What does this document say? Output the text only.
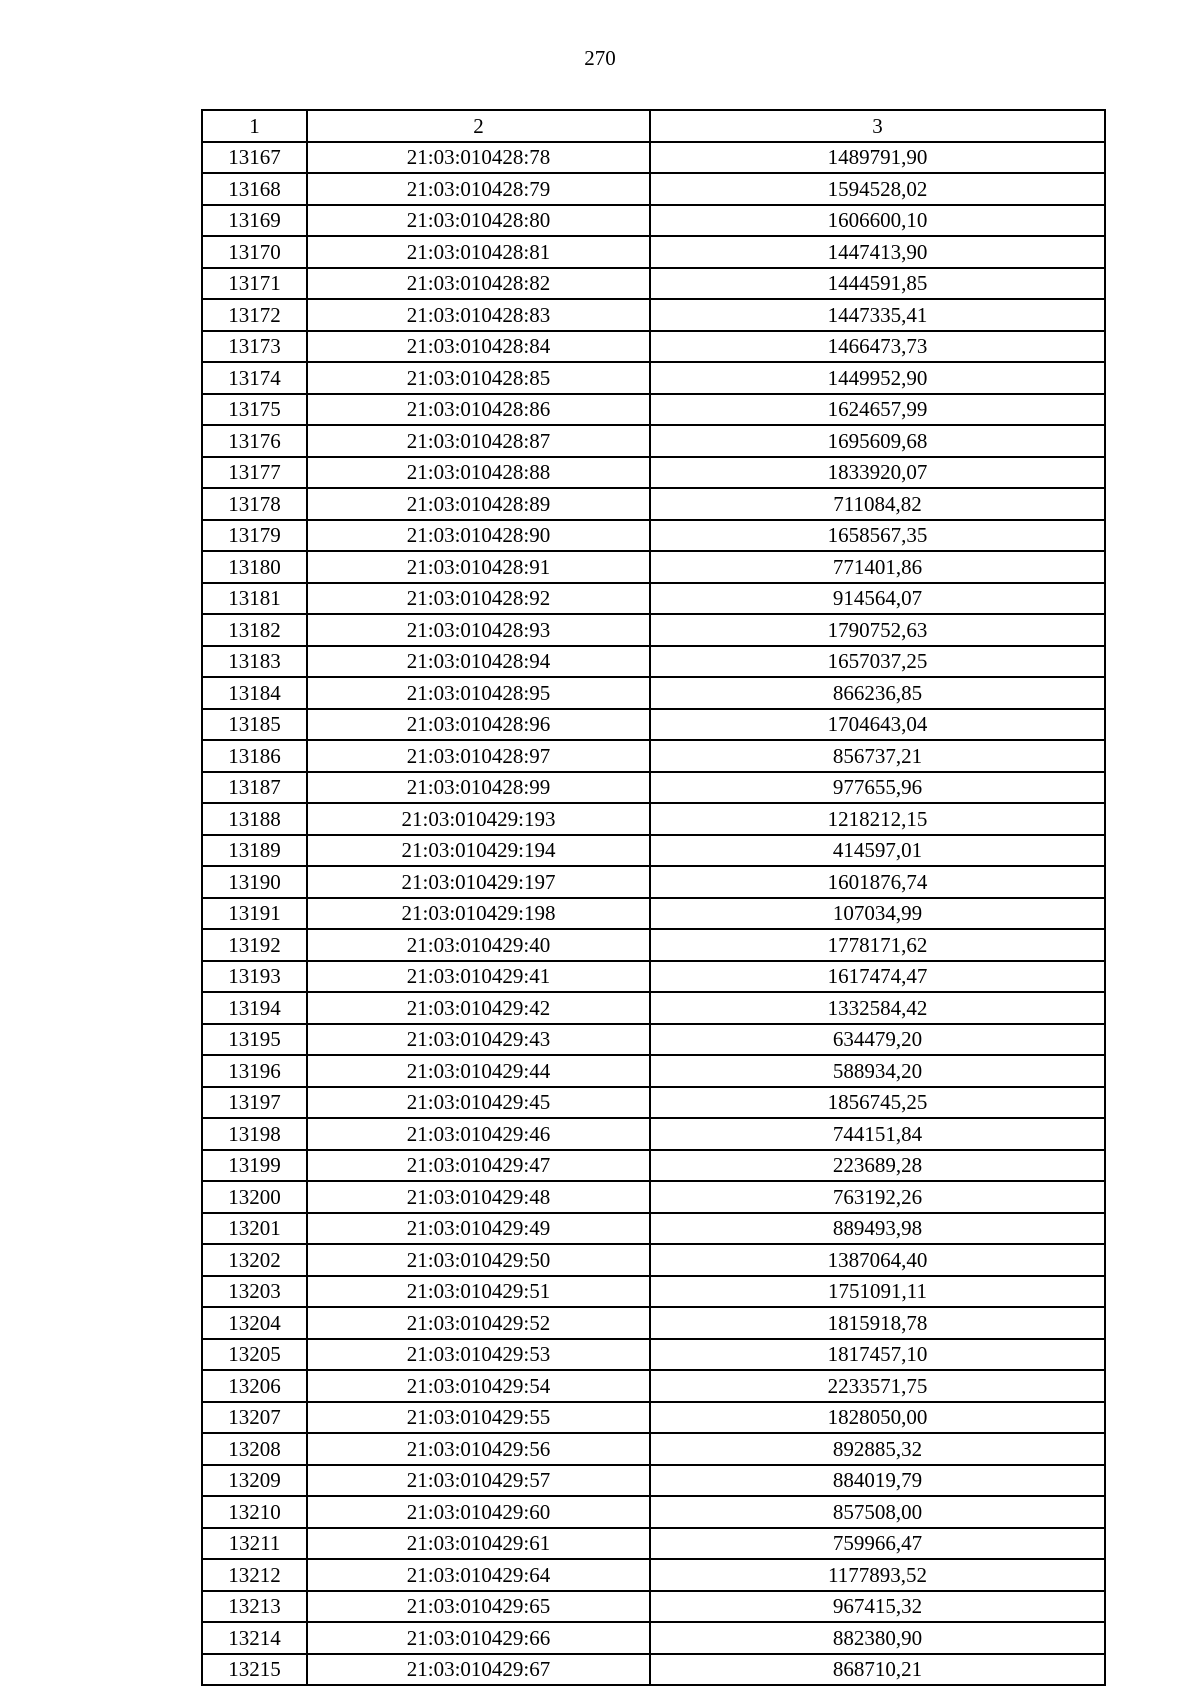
270
1	2	3
13167	21:03:010428:78	1489791,90
13168	21:03:010428:79	1594528,02
13169	21:03:010428:80	1606600,10
13170	21:03:010428:81	1447413,90
13171	21:03:010428:82	1444591,85
13172	21:03:010428:83	1447335,41
13173	21:03:010428:84	1466473,73
13174	21:03:010428:85	1449952,90
13175	21:03:010428:86	1624657,99
13176	21:03:010428:87	1695609,68
13177	21:03:010428:88	1833920,07
13178	21:03:010428:89	711084,82
13179	21:03:010428:90	1658567,35
13180	21:03:010428:91	771401,86
13181	21:03:010428:92	914564,07
13182	21:03:010428:93	1790752,63
13183	21:03:010428:94	1657037,25
13184	21:03:010428:95	866236,85
13185	21:03:010428:96	1704643,04
13186	21:03:010428:97	856737,21
13187	21:03:010428:99	977655,96
13188	21:03:010429:193	1218212,15
13189	21:03:010429:194	414597,01
13190	21:03:010429:197	1601876,74
13191	21:03:010429:198	107034,99
13192	21:03:010429:40	1778171,62
13193	21:03:010429:41	1617474,47
13194	21:03:010429:42	1332584,42
13195	21:03:010429:43	634479,20
13196	21:03:010429:44	588934,20
13197	21:03:010429:45	1856745,25
13198	21:03:010429:46	744151,84
13199	21:03:010429:47	223689,28
13200	21:03:010429:48	763192,26
13201	21:03:010429:49	889493,98
13202	21:03:010429:50	1387064,40
13203	21:03:010429:51	1751091,11
13204	21:03:010429:52	1815918,78
13205	21:03:010429:53	1817457,10
13206	21:03:010429:54	2233571,75
13207	21:03:010429:55	1828050,00
13208	21:03:010429:56	892885,32
13209	21:03:010429:57	884019,79
13210	21:03:010429:60	857508,00
13211	21:03:010429:61	759966,47
13212	21:03:010429:64	1177893,52
13213	21:03:010429:65	967415,32
13214	21:03:010429:66	882380,90
13215	21:03:010429:67	868710,21
